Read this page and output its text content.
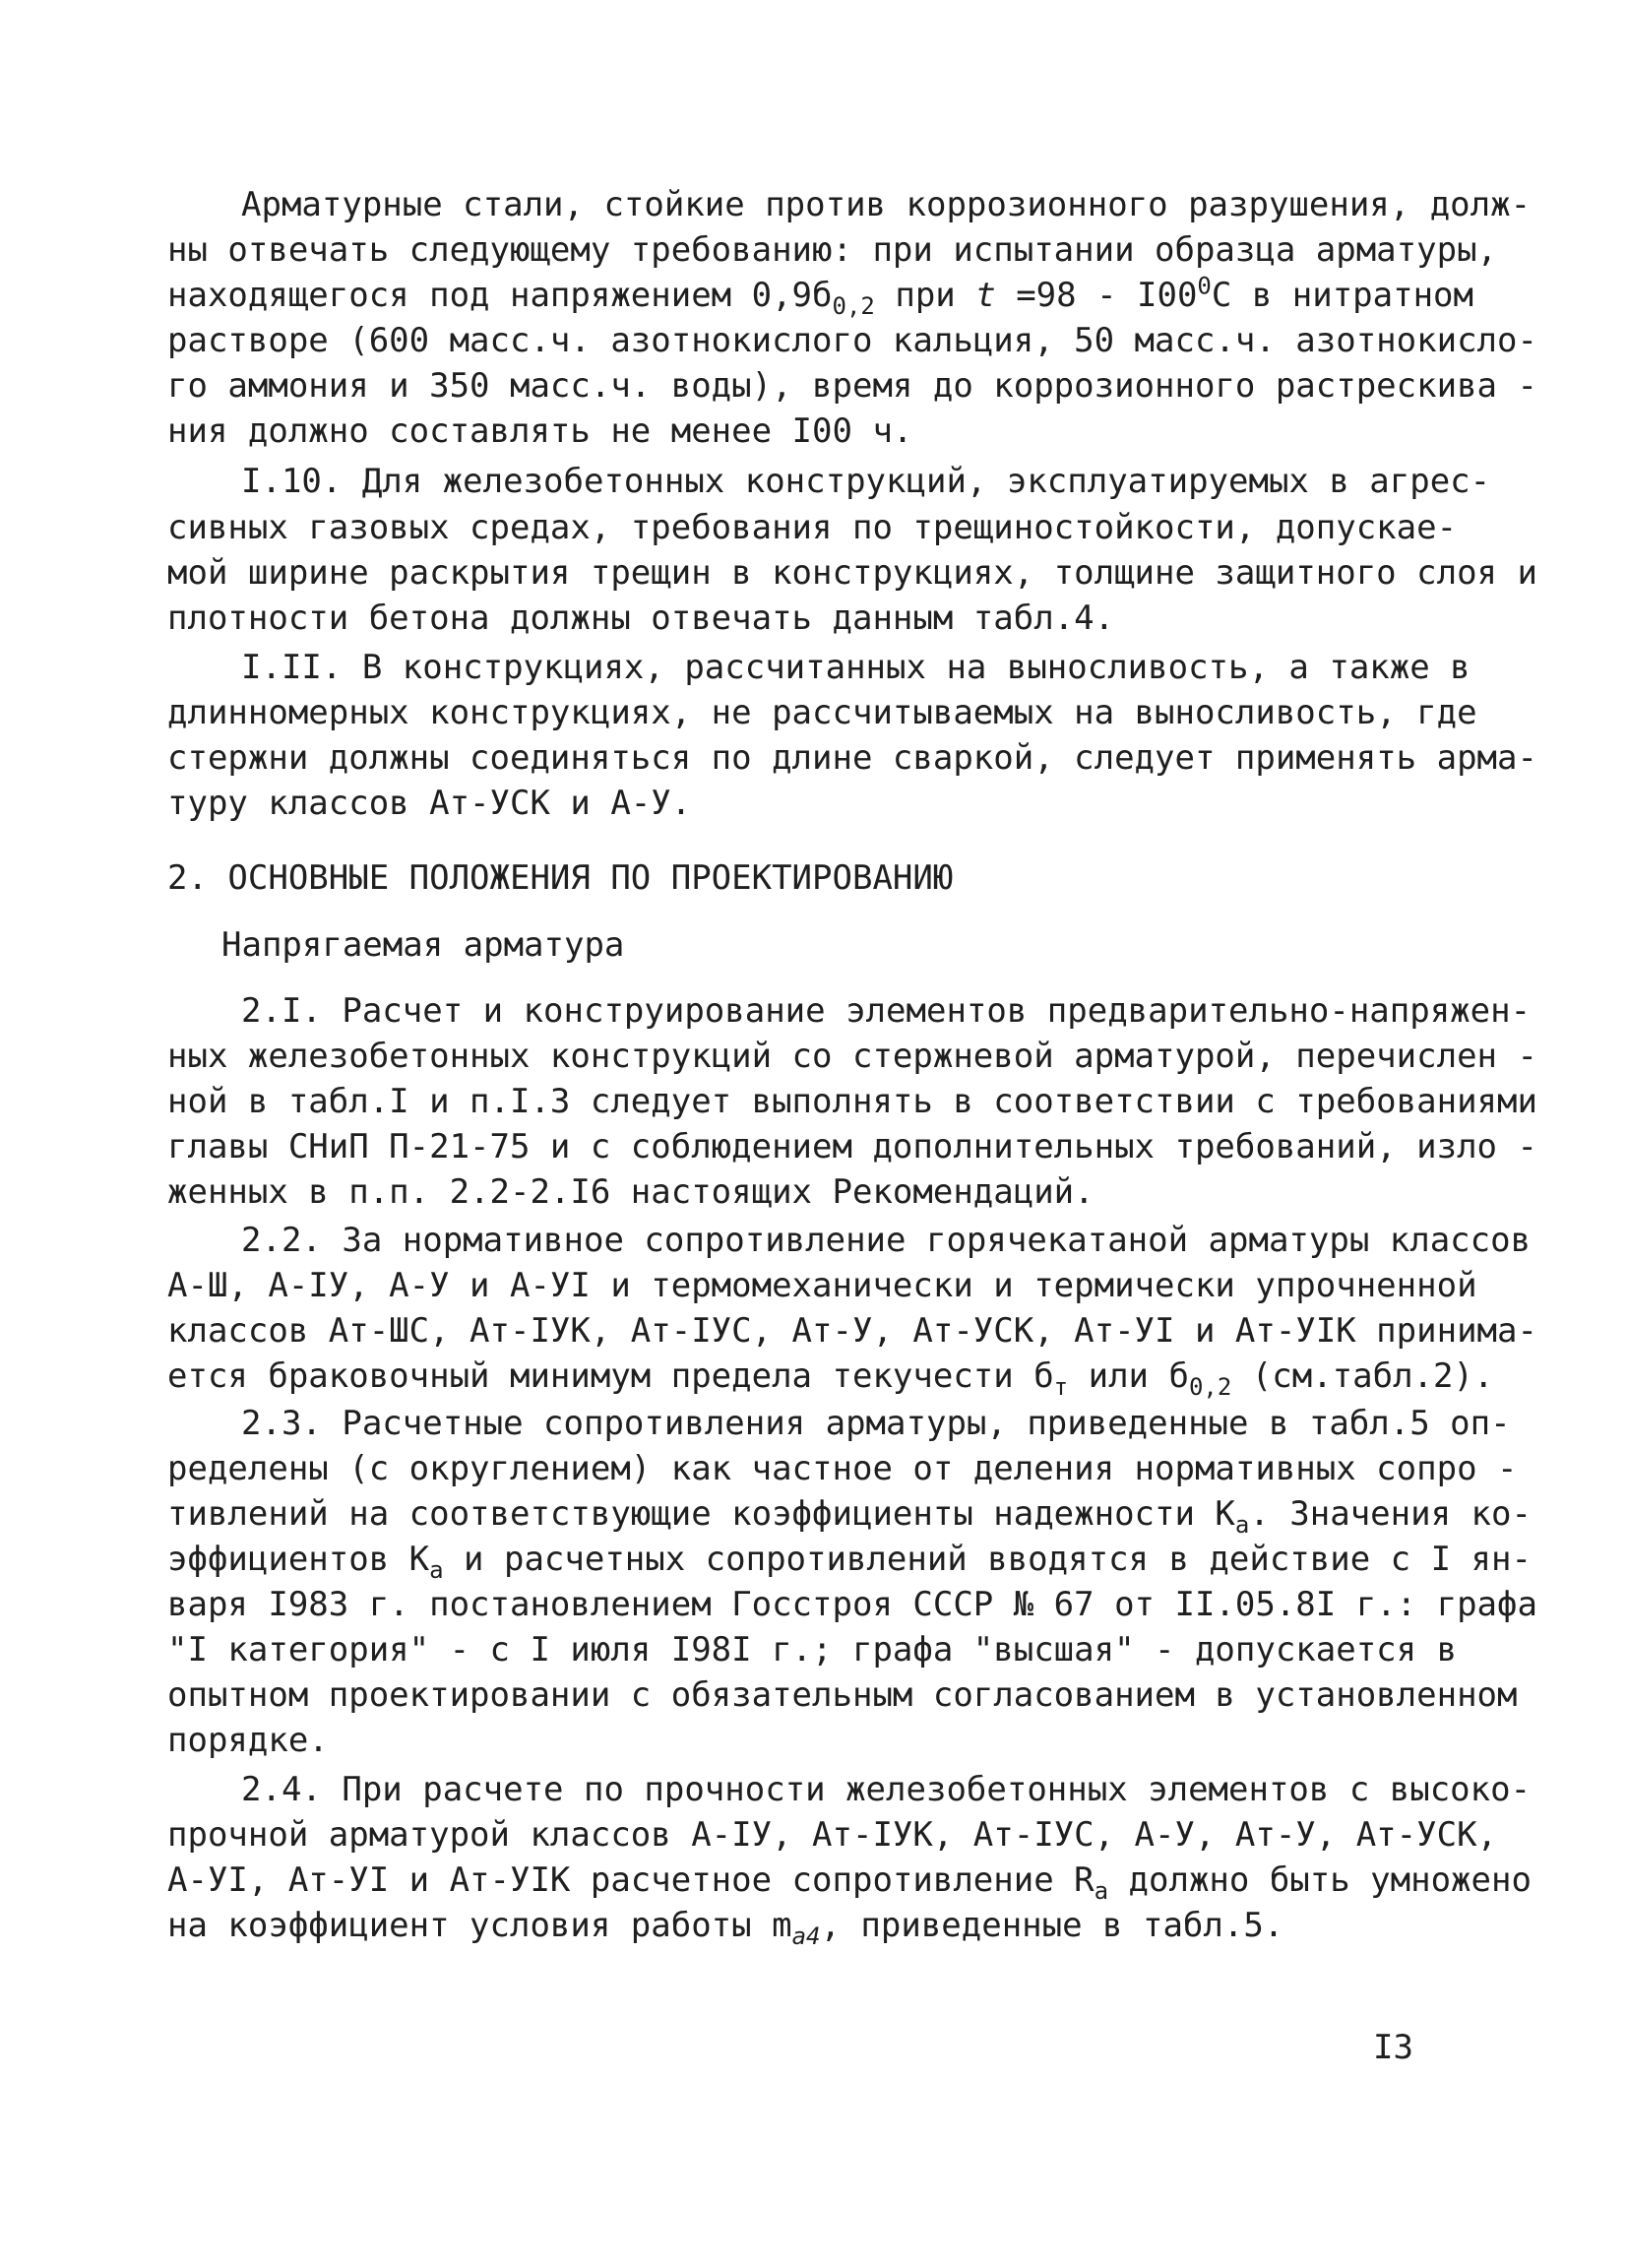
Арматурные стали, стойкие против коррозионного разрушения, долж-
ны отвечать следующему требованию: при испытании образца арматуры,
находящегося под напряжением $0,9б_{0,2}$ при $t =98 - I00^0C$ в нитратном
растворе (600 масс.ч. азотнокислого кальция, 50 масс.ч. азотнокисло-
го аммония и 350 масс.ч. воды), время до коррозионного растрескива -
ния должно составлять не менее I00 ч.
I.10. Для железобетонных конструкций, эксплуатируемых в агрес-
сивных газовых средах, требования по трещиностойкости, допускае-
мой ширине раскрытия трещин в конструкциях, толщине защитного слоя и
плотности бетона должны отвечать данным табл.4.
I.II. В конструкциях, рассчитанных на выносливость, а также в
длинномерных конструкциях, не рассчитываемых на выносливость, где
стержни должны соединяться по длине сваркой, следует применять арма-
туру классов Ат-УСК и А-У.
2. ОСНОВНЫЕ ПОЛОЖЕНИЯ ПО ПРОЕКТИРОВАНИЮ
Напрягаемая арматура
2.I. Расчет и конструирование элементов предварительно-напряжен-
ных железобетонных конструкций со стержневой арматурой, перечислен -
ной в табл.I и п.I.3 следует выполнять в соответствии с требованиями
главы СНиП П-21-75 и с соблюдением дополнительных требований, изло -
женных в п.п. 2.2-2.I6 настоящих Рекомендаций.
2.2. За нормативное сопротивление горячекатаной арматуры классов
А-Ш, А-IУ, А-У и А-УI и термомеханически и термически упрочненной
классов Ат-ШС, Ат-IУК, Ат-IУС, Ат-У, Ат-УСК, Ат-УI и Ат-УIК принима-
ется браковочный минимум предела текучести $б_т$ или $б_{0,2}$ (см.табл.2).
2.3. Расчетные сопротивления арматуры, приведенные в табл.5 оп-
ределены (с округлением) как частное от деления нормативных сопро -
тивлений на соответствующие коэффициенты надежности $К_а$. Значения ко-
эффициентов $К_а$ и расчетных сопротивлений вводятся в действие с I ян-
варя I983 г. постановлением Госстроя СССР № 67 от II.05.8I г.: графа
"I категория" - с I июля I98I г.; графа "высшая" - допускается в
опытном проектировании с обязательным согласованием в установленном
порядке.
2.4. При расчете по прочности железобетонных элементов с высоко-
прочной арматурой классов А-IУ, Ат-IУК, Ат-IУС, А-У, Ат-У, Ат-УСК,
А-УI, Ат-УI и Ат-УIК расчетное сопротивление $R_а$ должно быть умножено
на коэффициент условия работы $m_{а4}$, приведенные в табл.5.
I3
